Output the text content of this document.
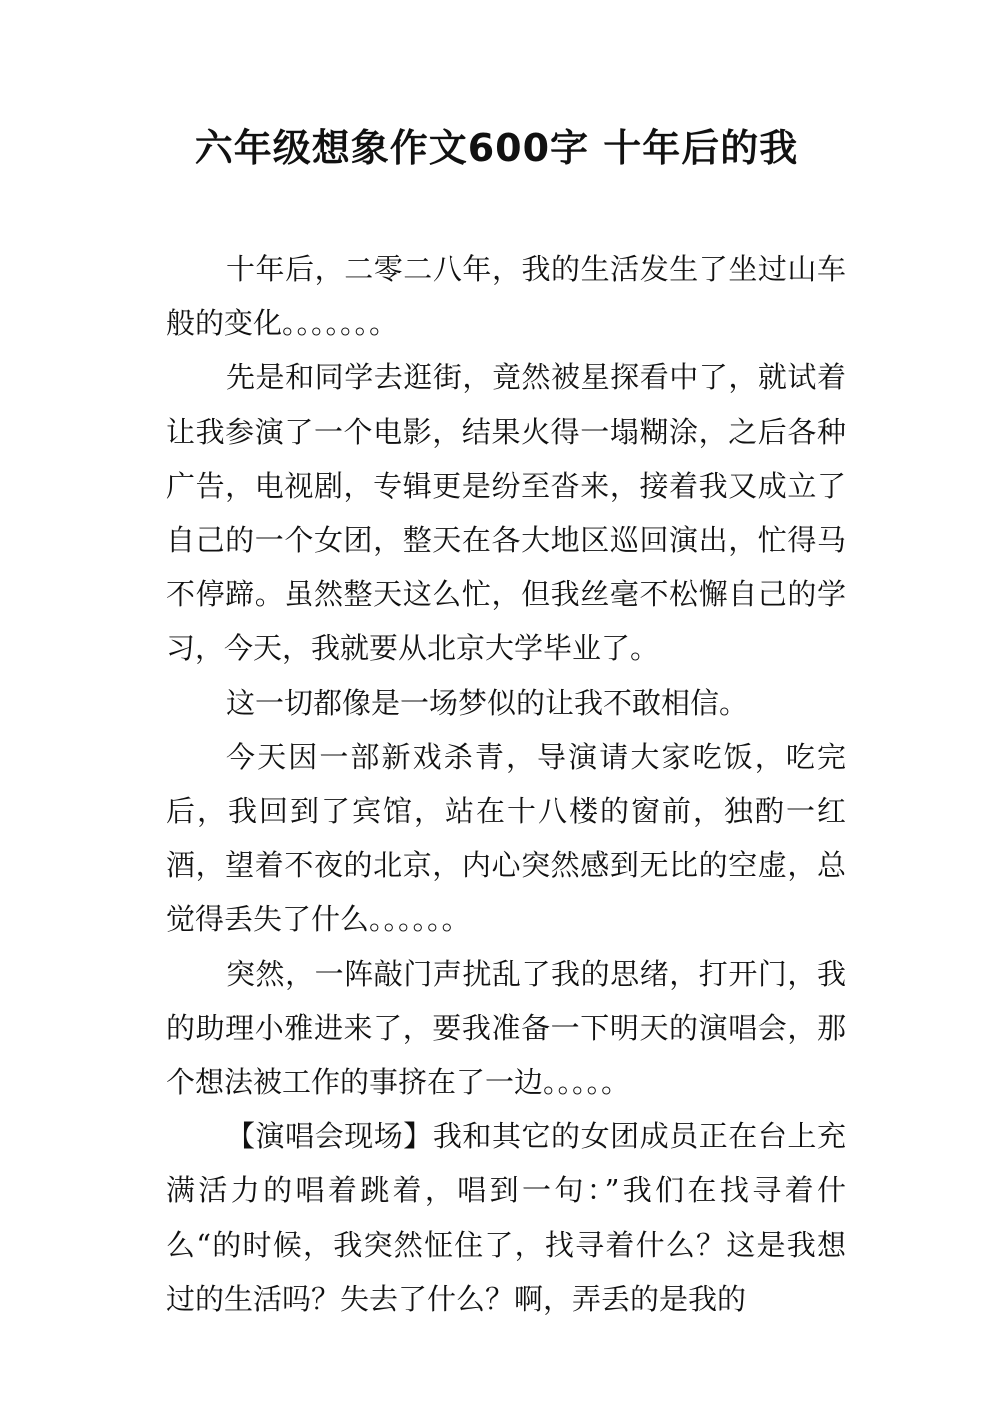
六年级想象作文600字 十年后的我

十年后，二零二八年，我的生活发生了坐过山车般的变化。。。。。。。

先是和同学去逛街，竟然被星探看中了，就试着让我参演了一个电影，结果火得一塌糊涂，之后各种广告，电视剧，专辑更是纷至沓来，接着我又成立了自己的一个女团，整天在各大地区巡回演出，忙得马不停蹄。虽然整天这么忙，但我丝毫不松懈自己的学习，今天，我就要从北京大学毕业了。

这一切都像是一场梦似的让我不敢相信。

今天因一部新戏杀青，导演请大家吃饭，吃完后，我回到了宾馆，站在十八楼的窗前，独酌一红酒，望着不夜的北京，内心突然感到无比的空虚，总觉得丢失了什么。。。。。。

突然，一阵敲门声扰乱了我的思绪，打开门，我的助理小雅进来了，要我准备一下明天的演唱会，那个想法被工作的事挤在了一边。。。。。

【演唱会现场】我和其它的女团成员正在台上充满活力的唱着跳着，唱到一句：”我们在找寻着什么“的时候，我突然怔住了，找寻着什么？这是我想过的生活吗？失去了什么？啊，弄丢的是我的
